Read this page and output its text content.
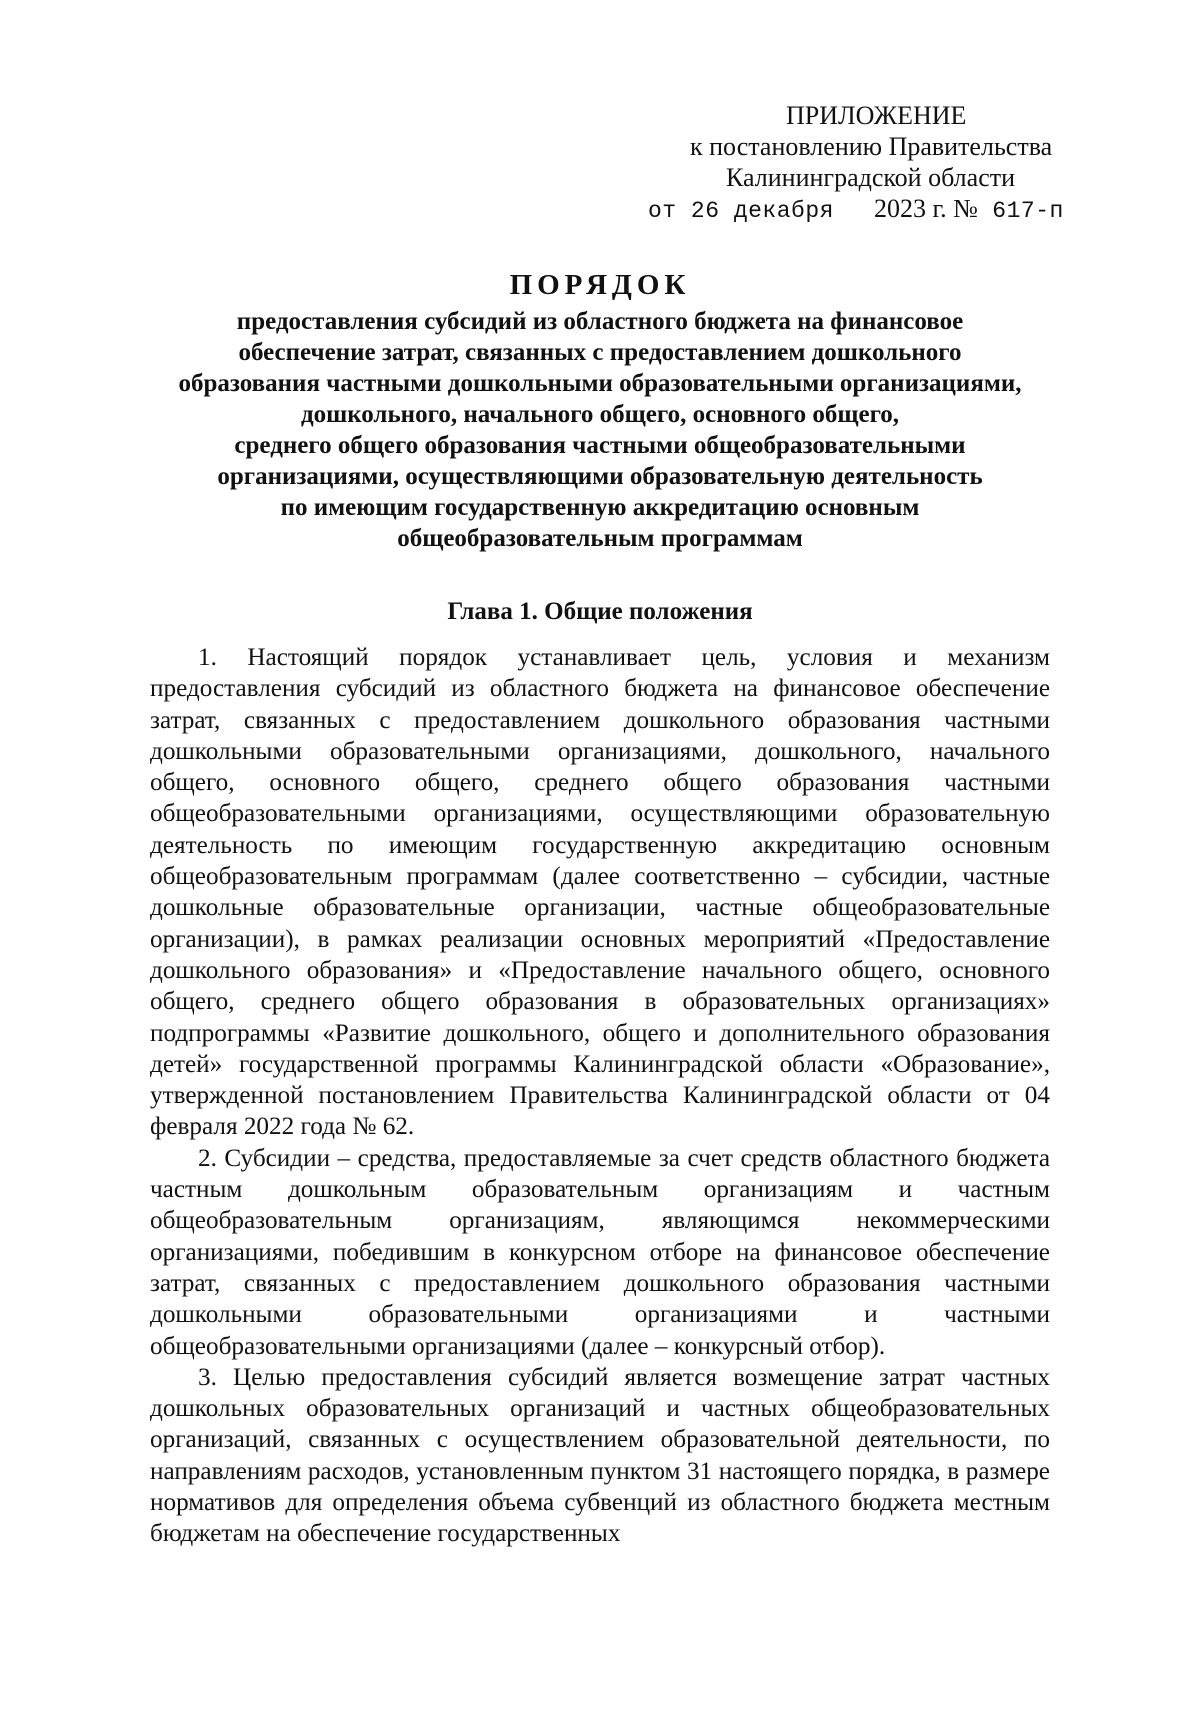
ПРИЛОЖЕНИЕ
к постановлению Правительства
Калининградской области
от 26 декабря 2023 г. № 617-п
ПОРЯДОК
предоставления субсидий из областного бюджета на финансовое
обеспечение затрат, связанных с предоставлением дошкольного
образования частными дошкольными образовательными организациями,
дошкольного, начального общего, основного общего,
среднего общего образования частными общеобразовательными
организациями, осуществляющими образовательную деятельность
по имеющим государственную аккредитацию основным
общеобразовательным программам
Глава 1. Общие положения

1. Настоящий порядок устанавливает цель, условия и механизм предоставления субсидий из областного бюджета на финансовое обеспечение затрат, связанных с предоставлением дошкольного образования частными дошкольными образовательными организациями, дошкольного, начального общего, основного общего, среднего общего образования частными общеобразовательными организациями, осуществляющими образовательную деятельность по имеющим государственную аккредитацию основным общеобразовательным программам (далее соответственно – субсидии, частные дошкольные образовательные организации, частные общеобразовательные организации), в рамках реализации основных мероприятий «Предоставление дошкольного образования» и «Предоставление начального общего, основного общего, среднего общего образования в образовательных организациях» подпрограммы «Развитие дошкольного, общего и дополнительного образования детей» государственной программы Калининградской области «Образование», утвержденной постановлением Правительства Калининградской области от 04 февраля 2022 года № 62.

2. Субсидии – средства, предоставляемые за счет средств областного бюджета частным дошкольным образовательным организациям и частным общеобразовательным организациям, являющимся некоммерческими организациями, победившим в конкурсном отборе на финансовое обеспечение затрат, связанных с предоставлением дошкольного образования частными дошкольными образовательными организациями и частными общеобразовательными организациями (далее – конкурсный отбор).

3. Целью предоставления субсидий является возмещение затрат частных дошкольных образовательных организаций и частных общеобразовательных организаций, связанных с осуществлением образовательной деятельности, по направлениям расходов, установленным пунктом 31 настоящего порядка, в размере нормативов для определения объема субвенций из областного бюджета местным бюджетам на обеспечение государственных
